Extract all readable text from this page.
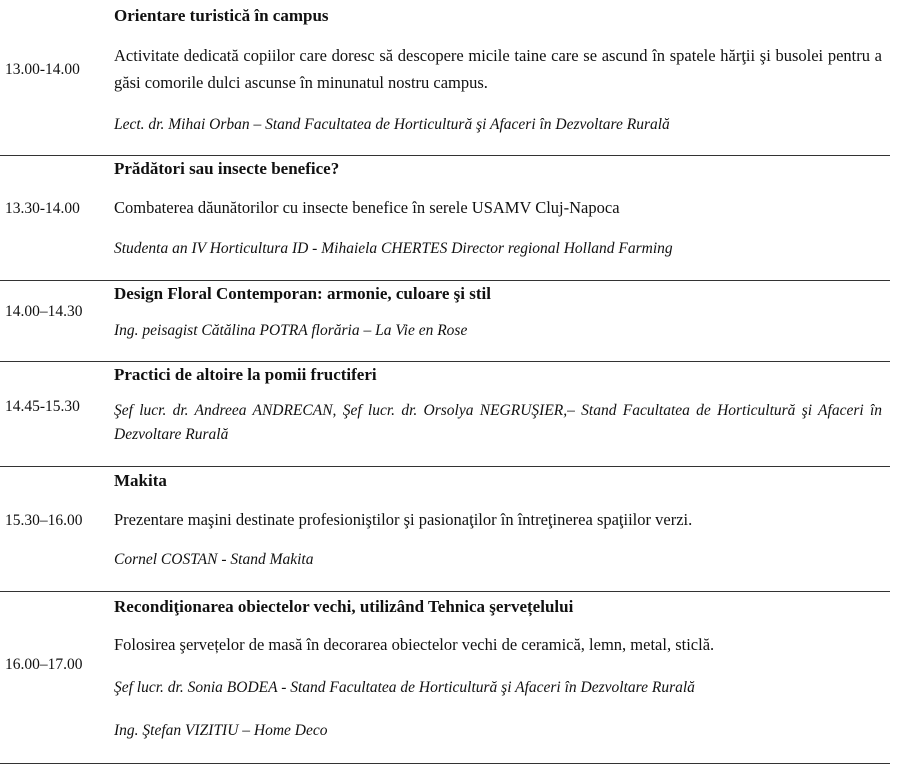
13.00-14.00
Orientare turistică în campus
Activitate dedicată copiilor care doresc să descopere micile taine care se ascund în spatele hărţii şi busolei pentru a găsi comorile dulci ascunse în minunatul nostru campus.
Lect. dr. Mihai Orban – Stand Facultatea de Horticultură şi Afaceri în Dezvoltare Rurală
13.30-14.00
Prădători sau insecte benefice?
Combaterea dăunătorilor cu insecte benefice în serele USAMV Cluj-Napoca
Studenta an IV Horticultura ID - Mihaiela CHERTES Director regional Holland Farming
14.00–14.30
Design Floral Contemporan: armonie, culoare şi stil
Ing. peisagist Cătălina POTRA florăria – La Vie en Rose
14.45-15.30
Practici de altoire la pomii fructiferi
Şef lucr. dr. Andreea ANDRECAN, Şef lucr. dr. Orsolya NEGRUŞIER,– Stand Facultatea de Horticultură şi Afaceri în Dezvoltare Rurală
15.30–16.00
Makita
Prezentare maşini destinate profesioniştilor şi pasionaţilor în întreţinerea spaţiilor verzi.
Cornel COSTAN - Stand Makita
16.00–17.00
Recondiţionarea obiectelor vechi, utilizând Tehnica şervețelului
Folosirea şervețelor de masă în decorarea obiectelor vechi de ceramică, lemn, metal, sticlă.
Şef lucr. dr. Sonia BODEA - Stand Facultatea de Horticultură şi Afaceri în Dezvoltare Rurală
Ing. Ştefan VIZITIU – Home Deco
